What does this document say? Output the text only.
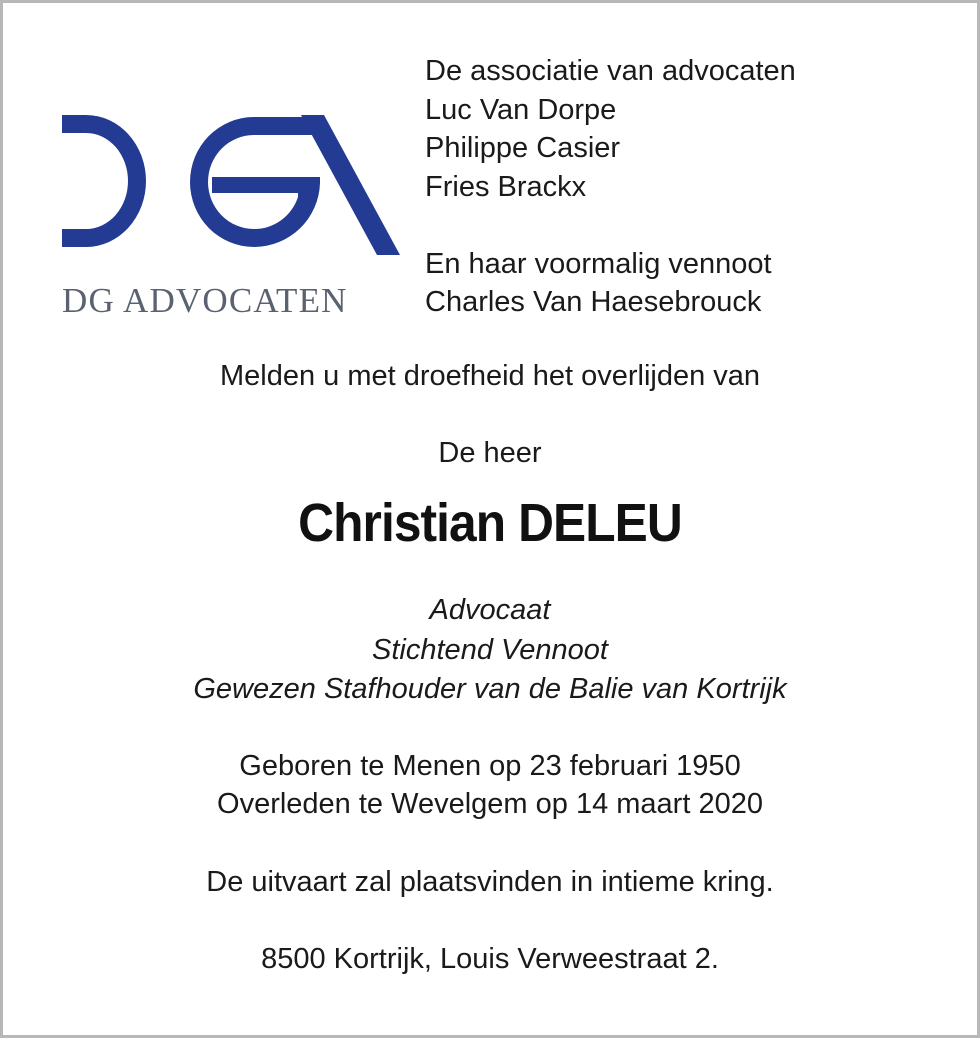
DG ADVOCATEN
De associatie van advocaten
Luc Van Dorpe
Philippe Casier
Fries Brackx
En haar voormalig vennoot
Charles Van Haesebrouck
Melden u met droefheid het overlijden van
De heer
Christian DELEU
Advocaat
Stichtend Vennoot
Gewezen Stafhouder van de Balie van Kortrijk
Geboren te Menen op 23 februari 1950
Overleden te Wevelgem op 14 maart 2020
De uitvaart zal plaatsvinden in intieme kring.
8500 Kortrijk, Louis Verweestraat 2.
